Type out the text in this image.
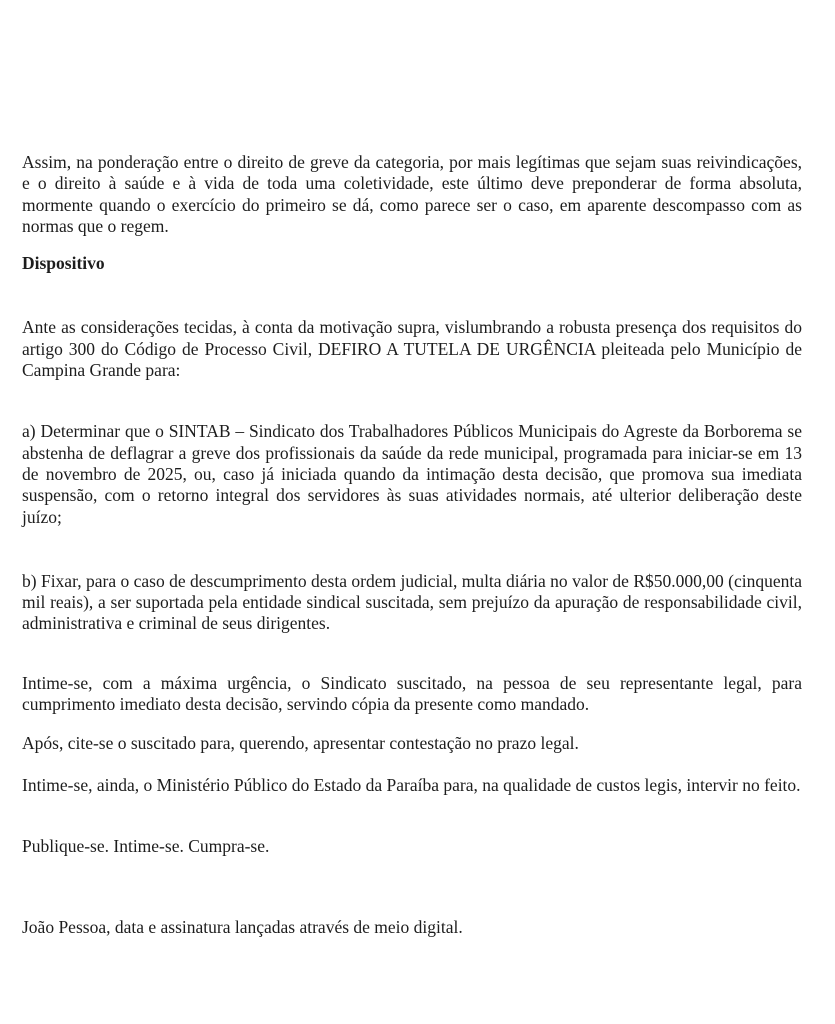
Assim, na ponderação entre o direito de greve da categoria, por mais legítimas que sejam suas reivindicações, e o direito à saúde e à vida de toda uma coletividade, este último deve preponderar de forma absoluta, mormente quando o exercício do primeiro se dá, como parece ser o caso, em aparente descompasso com as normas que o regem.

Dispositivo

Ante as considerações tecidas, à conta da motivação supra, vislumbrando a robusta presença dos requisitos do artigo 300 do Código de Processo Civil, DEFIRO A TUTELA DE URGÊNCIA pleiteada pelo Município de Campina Grande para:

a) Determinar que o SINTAB – Sindicato dos Trabalhadores Públicos Municipais do Agreste da Borborema se abstenha de deflagrar a greve dos profissionais da saúde da rede municipal, programada para iniciar-se em 13 de novembro de 2025, ou, caso já iniciada quando da intimação desta decisão, que promova sua imediata suspensão, com o retorno integral dos servidores às suas atividades normais, até ulterior deliberação deste juízo;

b) Fixar, para o caso de descumprimento desta ordem judicial, multa diária no valor de R$50.000,00 (cinquenta mil reais), a ser suportada pela entidade sindical suscitada, sem prejuízo da apuração de responsabilidade civil, administrativa e criminal de seus dirigentes.

Intime-se, com a máxima urgência, o Sindicato suscitado, na pessoa de seu representante legal, para cumprimento imediato desta decisão, servindo cópia da presente como mandado.

Após, cite-se o suscitado para, querendo, apresentar contestação no prazo legal.

Intime-se, ainda, o Ministério Público do Estado da Paraíba para, na qualidade de custos legis, intervir no feito.

Publique-se. Intime-se. Cumpra-se.

João Pessoa, data e assinatura lançadas através de meio digital.
